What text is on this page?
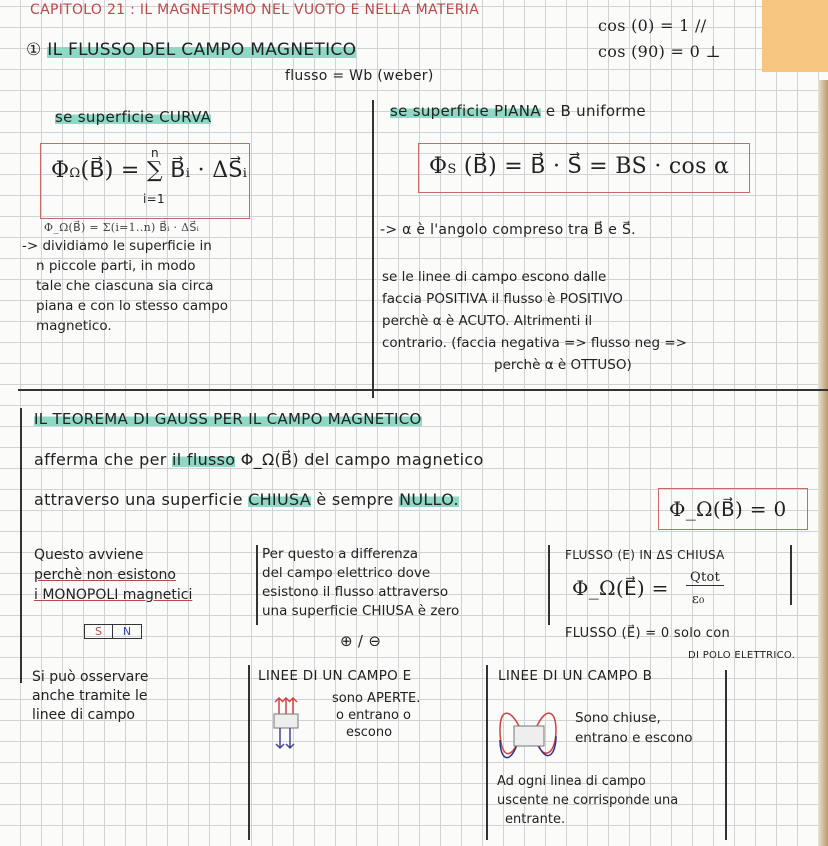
CAPITOLO 21 : IL MAGNETISMO NEL VUOTO E NELLA MATERIA
cos (0) = 1 //
cos (90) = 0 ⊥
① IL FLUSSO DEL CAMPO MAGNETICO
flusso = Wb (weber)
se superficie CURVA
ΦΩ(B⃗) = ∑ B⃗ᵢ · ΔS⃗ᵢ
n
i=1
Φ_Ω(B⃗) = Σ(i=1..n) B⃗ᵢ · ΔS⃗ᵢ
-> dividiamo le superficie in
n piccole parti, in modo
tale che ciascuna sia circa
piana e con lo stesso campo
magnetico.
se superficie PIANA e B uniforme
ΦS (B⃗) = B⃗ · S⃗ = BS · cos α
-> α è l'angolo compreso tra B⃗ e S⃗.
se le linee di campo escono dalle
faccia POSITIVA il flusso è POSITIVO
perchè α è ACUTO. Altrimenti il
contrario. (faccia negativa => flusso neg =>
perchè α è OTTUSO)
IL TEOREMA DI GAUSS PER IL CAMPO MAGNETICO
afferma che per il flusso Φ_Ω(B⃗) del campo magnetico
attraverso una superficie CHIUSA è sempre NULLO.	Φ_Ω(B⃗) = 0
Questo avviene
perchè non esistono
i MONOPOLI magnetici
S	N
Per questo a differenza
del campo elettrico dove
esistono il flusso attraverso
una superficie CHIUSA è zero
⊕ / ⊖
FLUSSO (E) IN ΔS CHIUSA
Φ_Ω(E⃗) =	Qtot
ε₀
FLUSSO (E⃗) = 0 solo con
DI POLO ELETTRICO.
Si può osservare
anche tramite le
linee di campo
LINEE DI UN CAMPO E
sono APERTE.
o entrano o
escono
LINEE DI UN CAMPO B
Sono chiuse,
entrano e escono
Ad ogni linea di campo
uscente ne corrisponde una
entrante.
